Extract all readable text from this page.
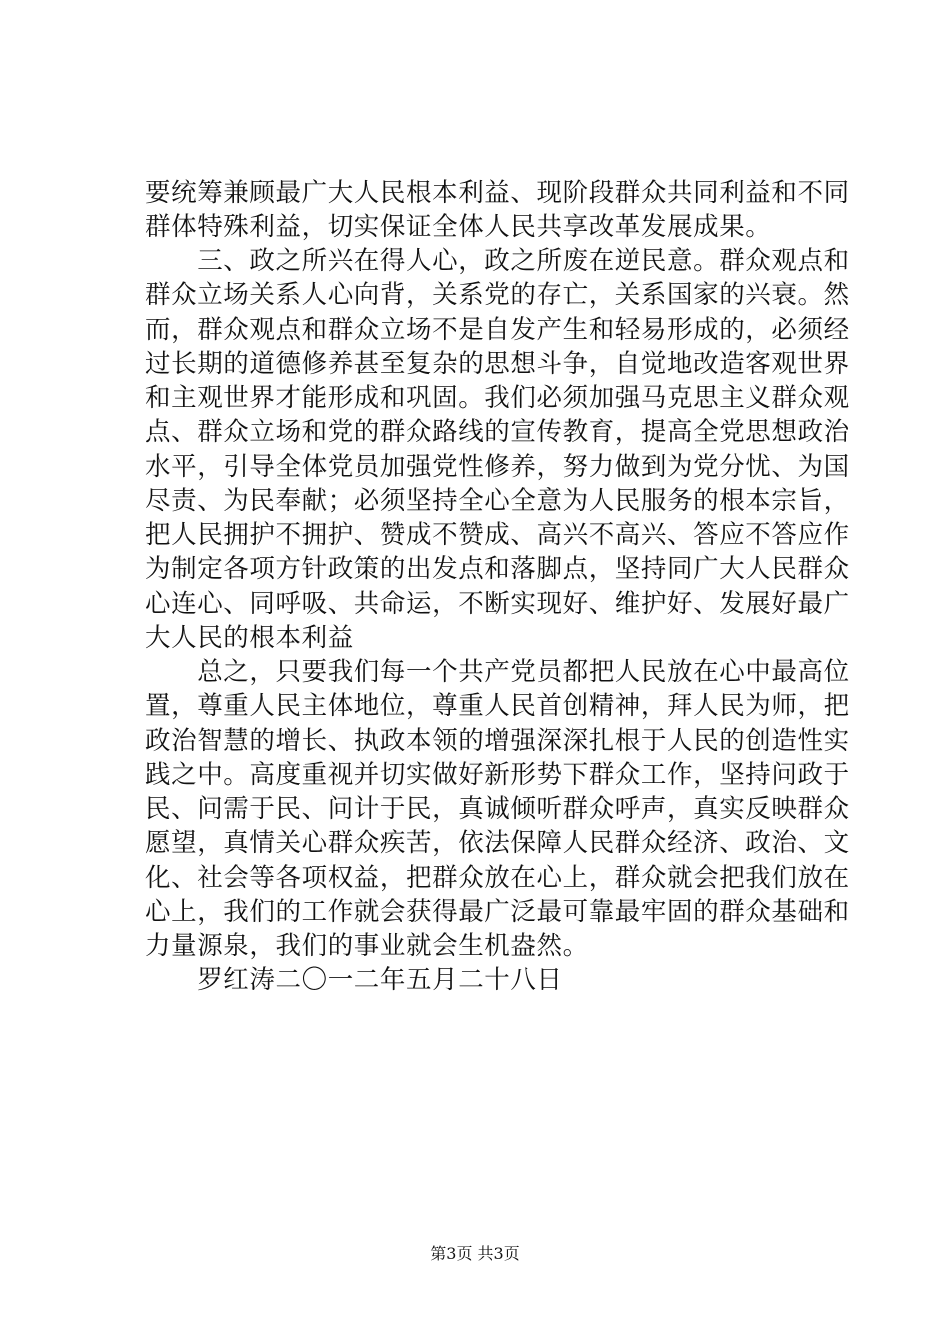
要统筹兼顾最广大人民根本利益、现阶段群众共同利益和不同
群体特殊利益，切实保证全体人民共享改革发展成果。
　　三、政之所兴在得人心，政之所废在逆民意。群众观点和
群众立场关系人心向背，关系党的存亡，关系国家的兴衰。然
而，群众观点和群众立场不是自发产生和轻易形成的，必须经
过长期的道德修养甚至复杂的思想斗争，自觉地改造客观世界
和主观世界才能形成和巩固。我们必须加强马克思主义群众观
点、群众立场和党的群众路线的宣传教育，提高全党思想政治
水平，引导全体党员加强党性修养，努力做到为党分忧、为国
尽责、为民奉献；必须坚持全心全意为人民服务的根本宗旨，
把人民拥护不拥护、赞成不赞成、高兴不高兴、答应不答应作
为制定各项方针政策的出发点和落脚点，坚持同广大人民群众
心连心、同呼吸、共命运，不断实现好、维护好、发展好最广
大人民的根本利益
　　总之，只要我们每一个共产党员都把人民放在心中最高位
置，尊重人民主体地位，尊重人民首创精神，拜人民为师，把
政治智慧的增长、执政本领的增强深深扎根于人民的创造性实
践之中。高度重视并切实做好新形势下群众工作，坚持问政于
民、问需于民、问计于民，真诚倾听群众呼声，真实反映群众
愿望，真情关心群众疾苦，依法保障人民群众经济、政治、文
化、社会等各项权益，把群众放在心上，群众就会把我们放在
心上，我们的工作就会获得最广泛最可靠最牢固的群众基础和
力量源泉，我们的事业就会生机盎然。
　　罗红涛二〇一二年五月二十八日
第3页 共3页
